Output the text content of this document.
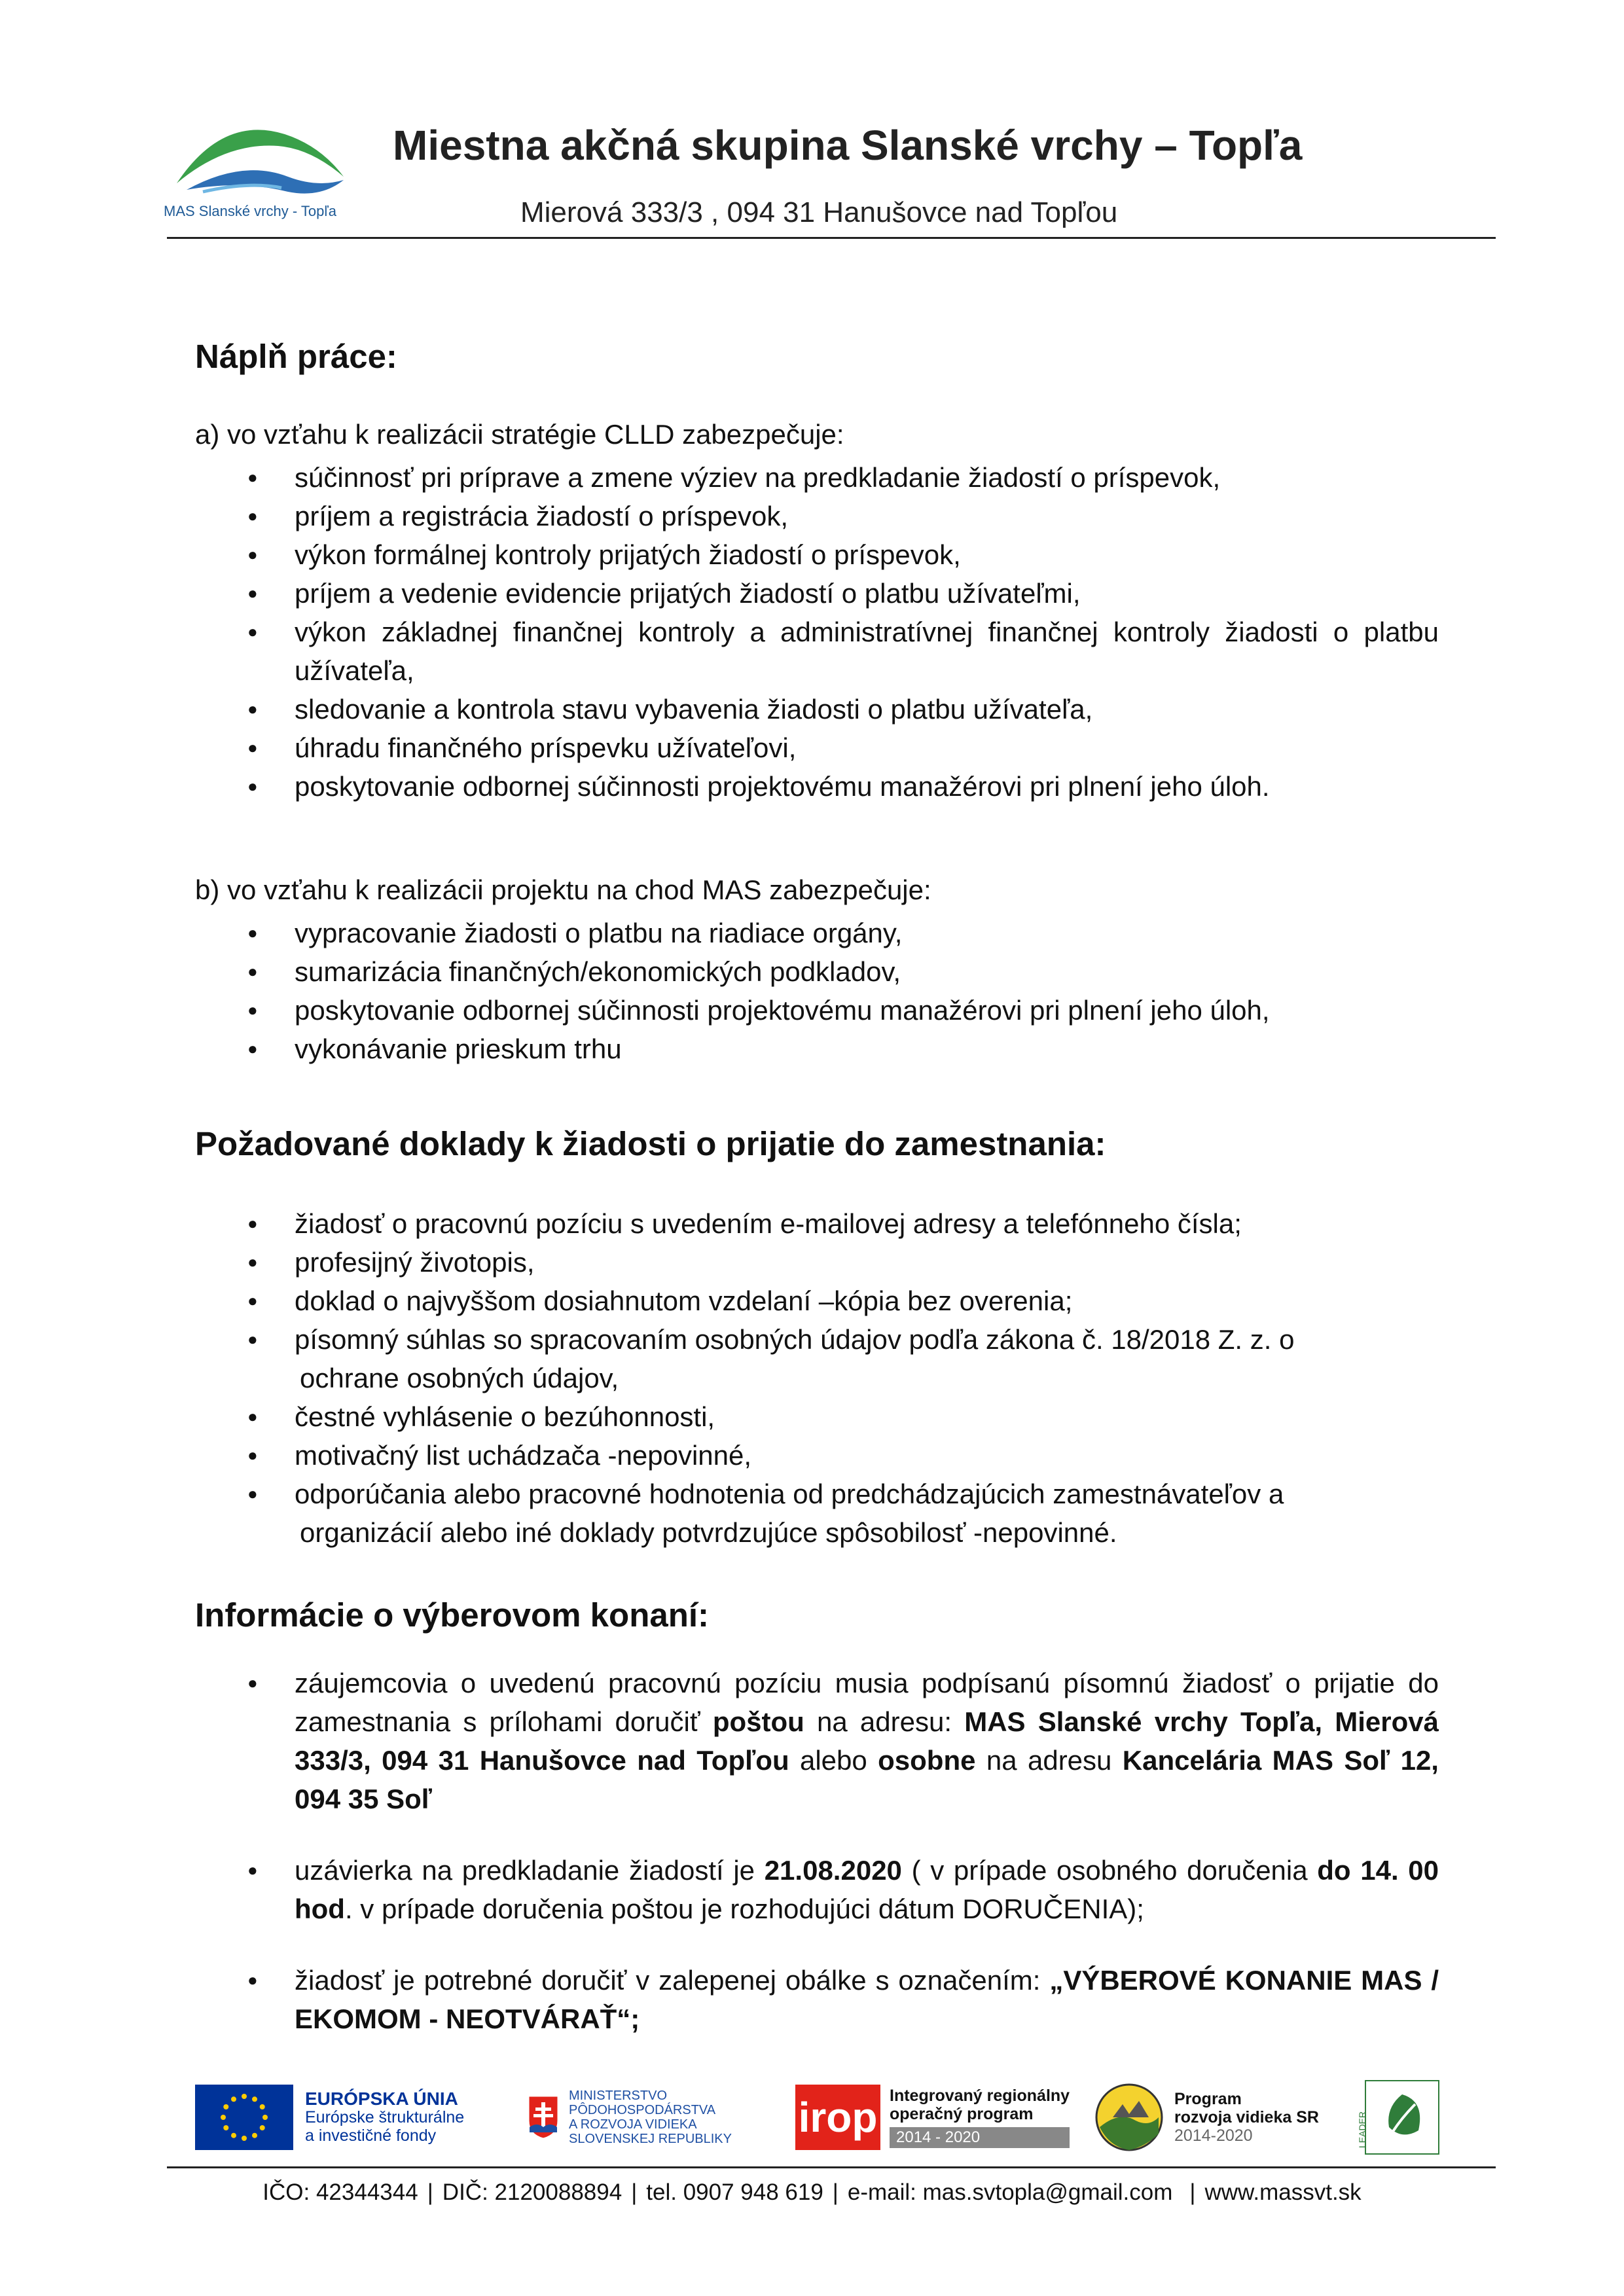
MAS Slanské vrchy - Topľa
Miestna akčná skupina Slanské vrchy – Topľa
Mierová 333/3 , 094 31 Hanušovce nad Topľou
Náplň práce:
a) vo vzťahu k realizácii stratégie CLLD zabezpečuje:
● súčinnosť pri príprave a zmene výziev na predkladanie žiadostí o príspevok,
● príjem a registrácia žiadostí o príspevok,
● výkon formálnej kontroly prijatých žiadostí o príspevok,
● príjem a vedenie evidencie prijatých žiadostí o platbu užívateľmi,
● výkon základnej finančnej kontroly a administratívnej finančnej kontroly žiadosti o platbu užívateľa,
● sledovanie a kontrola stavu vybavenia žiadosti o platbu užívateľa,
● úhradu finančného príspevku užívateľovi,
● poskytovanie odbornej súčinnosti projektovému manažérovi pri plnení jeho úloh.
b) vo vzťahu k realizácii projektu na chod MAS zabezpečuje:
● vypracovanie žiadosti o platbu na riadiace orgány,
● sumarizácia finančných/ekonomických podkladov,
● poskytovanie odbornej súčinnosti projektovému manažérovi pri plnení jeho úloh,
● vykonávanie prieskum trhu
Požadované doklady k žiadosti o prijatie do zamestnania:
● žiadosť o pracovnú pozíciu s uvedením e-mailovej adresy a telefónneho čísla;
● profesijný životopis,
● doklad o najvyššom dosiahnutom vzdelaní –kópia bez overenia;
● písomný súhlas so spracovaním osobných údajov podľa zákona č. 18/2018 Z. z. o
ochrane osobných údajov,
● čestné vyhlásenie o bezúhonnosti,
● motivačný list uchádzača -nepovinné,
● odporúčania alebo pracovné hodnotenia od predchádzajúcich zamestnávateľov a
organizácií alebo iné doklady potvrdzujúce spôsobilosť -nepovinné.
Informácie o výberovom konaní:
● záujemcovia o uvedenú pracovnú pozíciu musia podpísanú písomnú žiadosť o prijatie do zamestnania s prílohami doručiť poštou na adresu: MAS Slanské vrchy Topľa, Mierová 333/3, 094 31 Hanušovce nad Topľou alebo osobne na adresu Kancelária MAS Soľ 12, 094 35 Soľ
● uzávierka na predkladanie žiadostí je 21.08.2020 ( v prípade osobného doručenia do 14. 00 hod. v prípade doručenia poštou je rozhodujúci dátum DORUČENIA);
● žiadosť je potrebné doručiť v zalepenej obálke s označením: „VÝBEROVÉ KONANIE MAS / EKOMOM - NEOTVÁRAŤ“;
EURÓPSKA ÚNIA
Európske štrukturálne
a investičné fondy
MINISTERSTVO
PÔDOHOSPODÁRSTVA
A ROZVOJA VIDIEKA
SLOVENSKEJ REPUBLIKY irop Integrovaný regionálny
operačný program
2014 - 2020
Program
rozvoja vidieka SR
2014-2020	LEADER
IČO: 42344344 | DIČ: 2120088894 | tel. 0907 948 619 | e-mail: mas.svtopla@gmail.com | www.massvt.sk
